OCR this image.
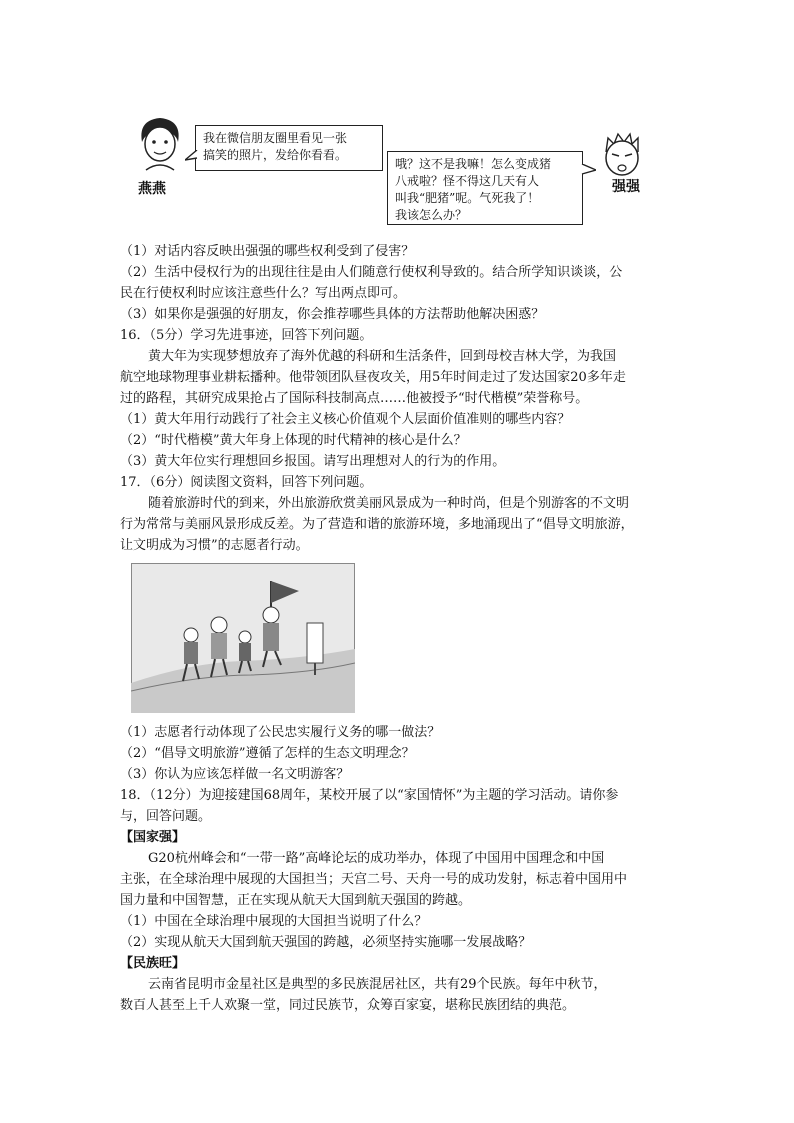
燕燕
我在微信朋友圈里看见一张
搞笑的照片，发给你看看。
哦？这不是我嘛！怎么变成猪
八戒啦？怪不得这几天有人
叫我“肥猪”呢。气死我了！
我该怎么办？
强强
（1）对话内容反映出强强的哪些权利受到了侵害？
（2）生活中侵权行为的出现往往是由人们随意行使权利导致的。结合所学知识谈谈，公
民在行使权利时应该注意些什么？写出两点即可。
（3）如果你是强强的好朋友，你会推荐哪些具体的方法帮助他解决困惑？
16．（5分）学习先进事迹，回答下列问题。
黄大年为实现梦想放弃了海外优越的科研和生活条件，回到母校吉林大学，为我国
航空地球物理事业耕耘播种。他带领团队昼夜攻关，用5年时间走过了发达国家20多年走
过的路程，其研究成果抢占了国际科技制高点……他被授予“时代楷模”荣誉称号。
（1）黄大年用行动践行了社会主义核心价值观个人层面价值准则的哪些内容？
（2）“时代楷模”黄大年身上体现的时代精神的核心是什么？
（3）黄大年位实行理想回乡报国。请写出理想对人的行为的作用。
17．（6分）阅读图文资料，回答下列问题。
随着旅游时代的到来，外出旅游欣赏美丽风景成为一种时尚，但是个别游客的不文明
行为常常与美丽风景形成反差。为了营造和谐的旅游环境，多地涌现出了“倡导文明旅游，
让文明成为习惯”的志愿者行动。
（1）志愿者行动体现了公民忠实履行义务的哪一做法？
（2）“倡导文明旅游”遵循了怎样的生态文明理念？
（3）你认为应该怎样做一名文明游客？
18．（12分）为迎接建国68周年，某校开展了以“家国情怀”为主题的学习活动。请你参
与，回答问题。
【国家强】
G20杭州峰会和“一带一路”高峰论坛的成功举办，体现了中国用中国理念和中国
主张，在全球治理中展现的大国担当；天宫二号、天舟一号的成功发射，标志着中国用中
国力量和中国智慧，正在实现从航天大国到航天强国的跨越。
（1）中国在全球治理中展现的大国担当说明了什么？
（2）实现从航天大国到航天强国的跨越，必须坚持实施哪一发展战略？
【民族旺】
云南省昆明市金星社区是典型的多民族混居社区，共有29个民族。每年中秋节，
数百人甚至上千人欢聚一堂，同过民族节，众筹百家宴，堪称民族团结的典范。
